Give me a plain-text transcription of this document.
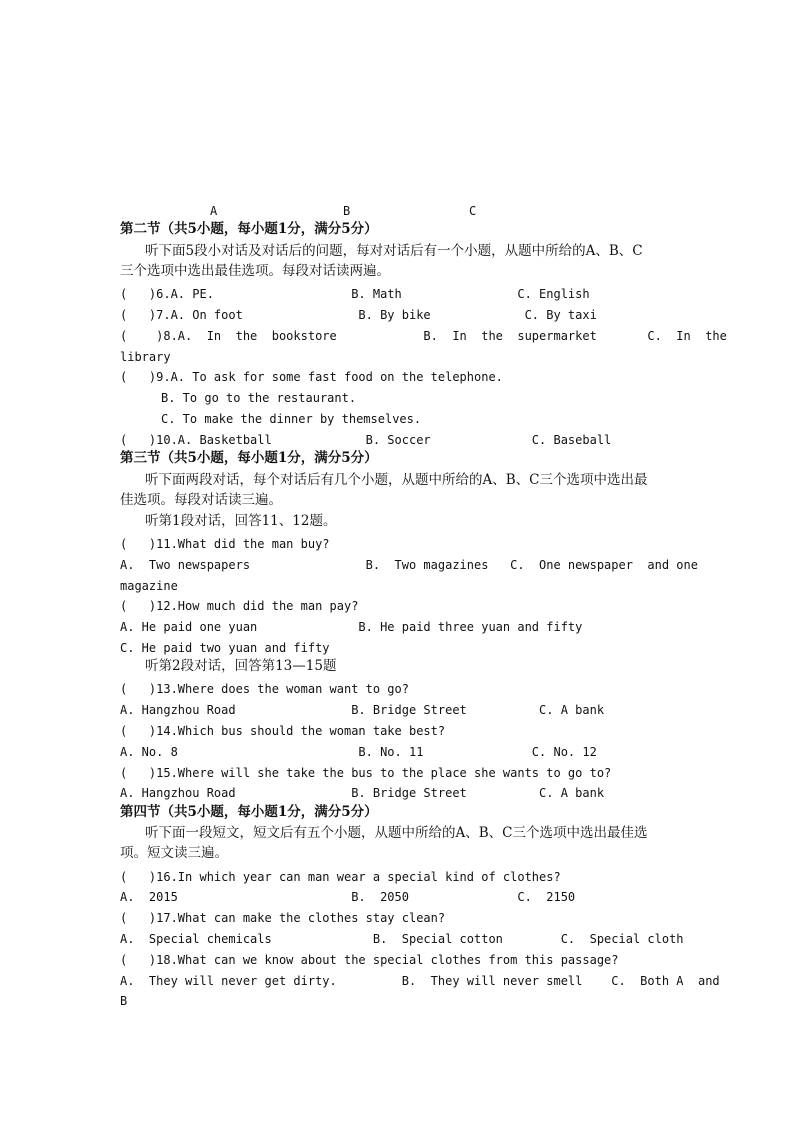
A	B	C
第二节（共5小题，每小题1分，满分5分）
听下面5段小对话及对话后的问题，每对对话后有一个小题，从题中所给的A、B、C
三个选项中选出最佳选项。每段对话读两遍。
(   )6.A. PE.                   B. Math                C. English
(   )7.A. On foot                B. By bike             C. By taxi
(    )8.A.  In  the  bookstore            B.  In  the  supermarket       C.  In  the
library
(   )9.A. To ask for some fast food on the telephone.
B. To go to the restaurant.
C. To make the dinner by themselves.
(   )10.A. Basketball             B. Soccer              C. Baseball
第三节（共5小题，每小题1分，满分5分）
听下面两段对话，每个对话后有几个小题，从题中所给的A、B、C三个选项中选出最
佳选项。每段对话读三遍。
听第1段对话，回答11、12题。
(   )11.What did the man buy?
A.  Two newspapers                B.  Two magazines   C.  One newspaper  and one
magazine
(   )12.How much did the man pay?
A. He paid one yuan              B. He paid three yuan and fifty
C. He paid two yuan and fifty
听第2段对话，回答第13—15题
(   )13.Where does the woman want to go?
A. Hangzhou Road                B. Bridge Street          C. A bank
(   )14.Which bus should the woman take best?
A. No. 8                         B. No. 11               C. No. 12
(   )15.Where will she take the bus to the place she wants to go to?
A. Hangzhou Road                B. Bridge Street          C. A bank
第四节（共5小题，每小题1分，满分5分）
听下面一段短文，短文后有五个小题，从题中所给的A、B、C三个选项中选出最佳选
项。短文读三遍。
(   )16.In which year can man wear a special kind of clothes?
A.  2015                        B.  2050               C.  2150
(   )17.What can make the clothes stay clean?
A.  Special chemicals              B.  Special cotton        C.  Special cloth
(   )18.What can we know about the special clothes from this passage?
A.  They will never get dirty.         B.  They will never smell    C.  Both A  and
B
